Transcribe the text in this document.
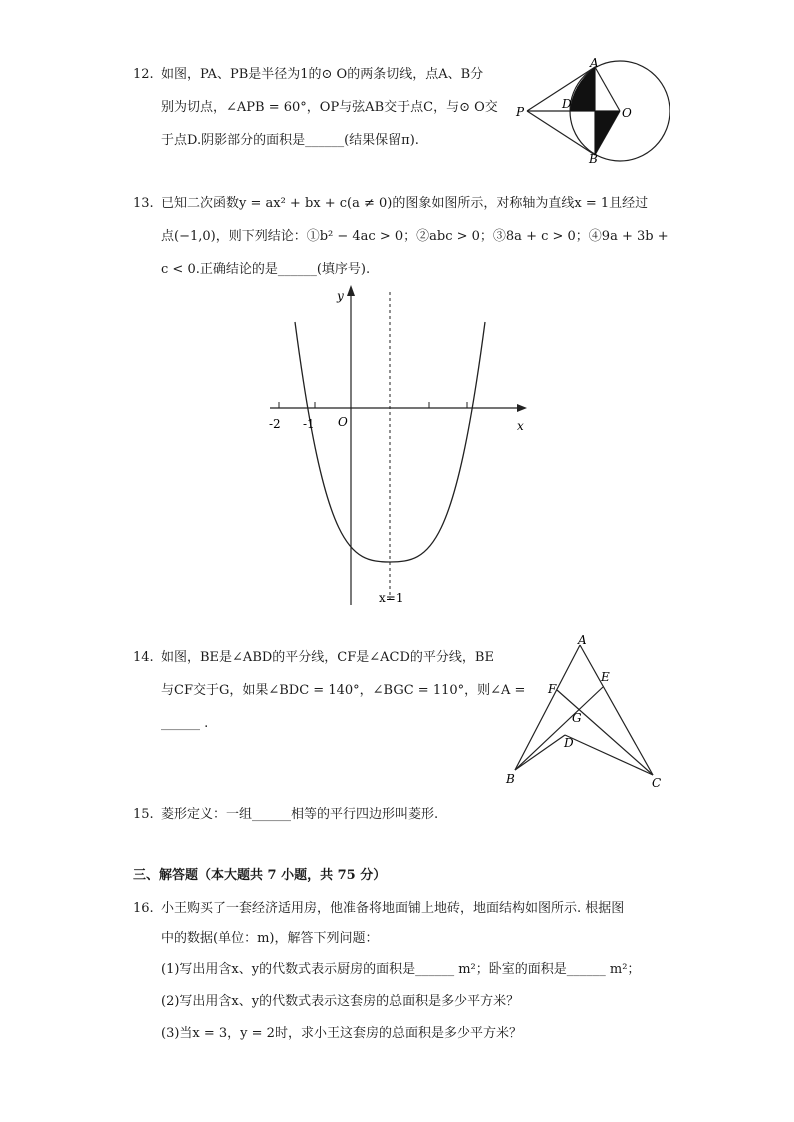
12. 如图，PA、PB是半径为1的⊙ O的两条切线，点A、B分
别为切点，∠APB = 60°，OP与弦AB交于点C，与⊙ O交
于点D.阴影部分的面积是______(结果保留π).
A
B
C
D
O
P
13. 已知二次函数y = ax² + bx + c(a ≠ 0)的图象如图所示，对称轴为直线x = 1且经过
点(−1,0)，则下列结论：①b² − 4ac > 0；②abc > 0；③8a + c > 0；④9a + 3b +
c < 0.正确结论的是______(填序号).
y
x
O
-2 -1
x=1
14. 如图，BE是∠ABD的平分线，CF是∠ACD的平分线，BE
与CF交于G，如果∠BDC = 140°，∠BGC = 110°，则∠A =
______ .
A
B	C
D
E
F
G
15. 菱形定义：一组______相等的平行四边形叫菱形.
三、解答题（本大题共 7 小题，共 75 分）
16. 小王购买了一套经济适用房，他准备将地面铺上地砖，地面结构如图所示. 根据图
中的数据(单位：m)，解答下列问题：
(1)写出用含x、y的代数式表示厨房的面积是______ m²；卧室的面积是______ m²；
(2)写出用含x、y的代数式表示这套房的总面积是多少平方米？
(3)当x = 3，y = 2时，求小王这套房的总面积是多少平方米？
